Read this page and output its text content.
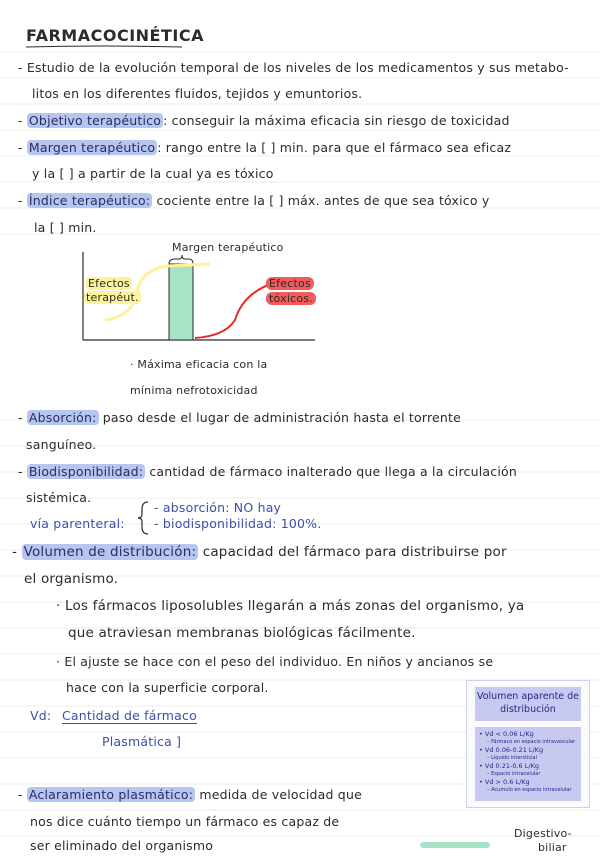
FARMACOCINÉTICA
- Estudio de la evolución temporal de los niveles de los medicamentos y sus metabo-
litos en los diferentes fluidos, tejidos y emuntorios.
- Objetivo terapéutico : conseguir la máxima eficacia sin riesgo de toxicidad
- Margen terapéutico : rango entre la [ ] min. para que el fármaco sea eficaz
y la [ ] a partir de la cual ya es tóxico
- Índice terapéutico: cociente entre la [ ] máx. antes de que sea tóxico y
la [ ] min.
Margen terapéutico
Efectos
terapéut.
Efectos
tóxicos.
· Máxima eficacia con la
mínima nefrotoxicidad
- Absorción: paso desde el lugar de administración hasta el torrente
sanguíneo.
- Biodisponibilidad: cantidad de fármaco inalterado que llega a la circulación
sistémica.
vía parenteral:
- absorción: NO hay
- biodisponibilidad: 100%.
- Volumen de distribución: capacidad del fármaco para distribuirse por
el organismo.
· Los fármacos liposolubles llegarán a más zonas del organismo, ya
que atraviesan membranas biológicas fácilmente.
· El ajuste se hace con el peso del individuo. En niños y ancianos se
hace con la superficie corporal.
Vd: Cantidad de fármaco
Plasmática ]
Volumen aparente de distribución
• Vd < 0.06 L/Kg
– Fármaco en espacio intravascular
• Vd 0.06-0.21 L/Kg
– Líquido intersticial
• Vd 0.21-0.6 L/Kg
– Espacio intracelular
• Vd > 0.6 L/Kg
– Acumulo en espacio intracelular
- Aclaramiento plasmático: medida de velocidad que
nos dice cuánto tiempo un fármaco es capaz de
ser eliminado del organismo
Digestivo-
biliar
